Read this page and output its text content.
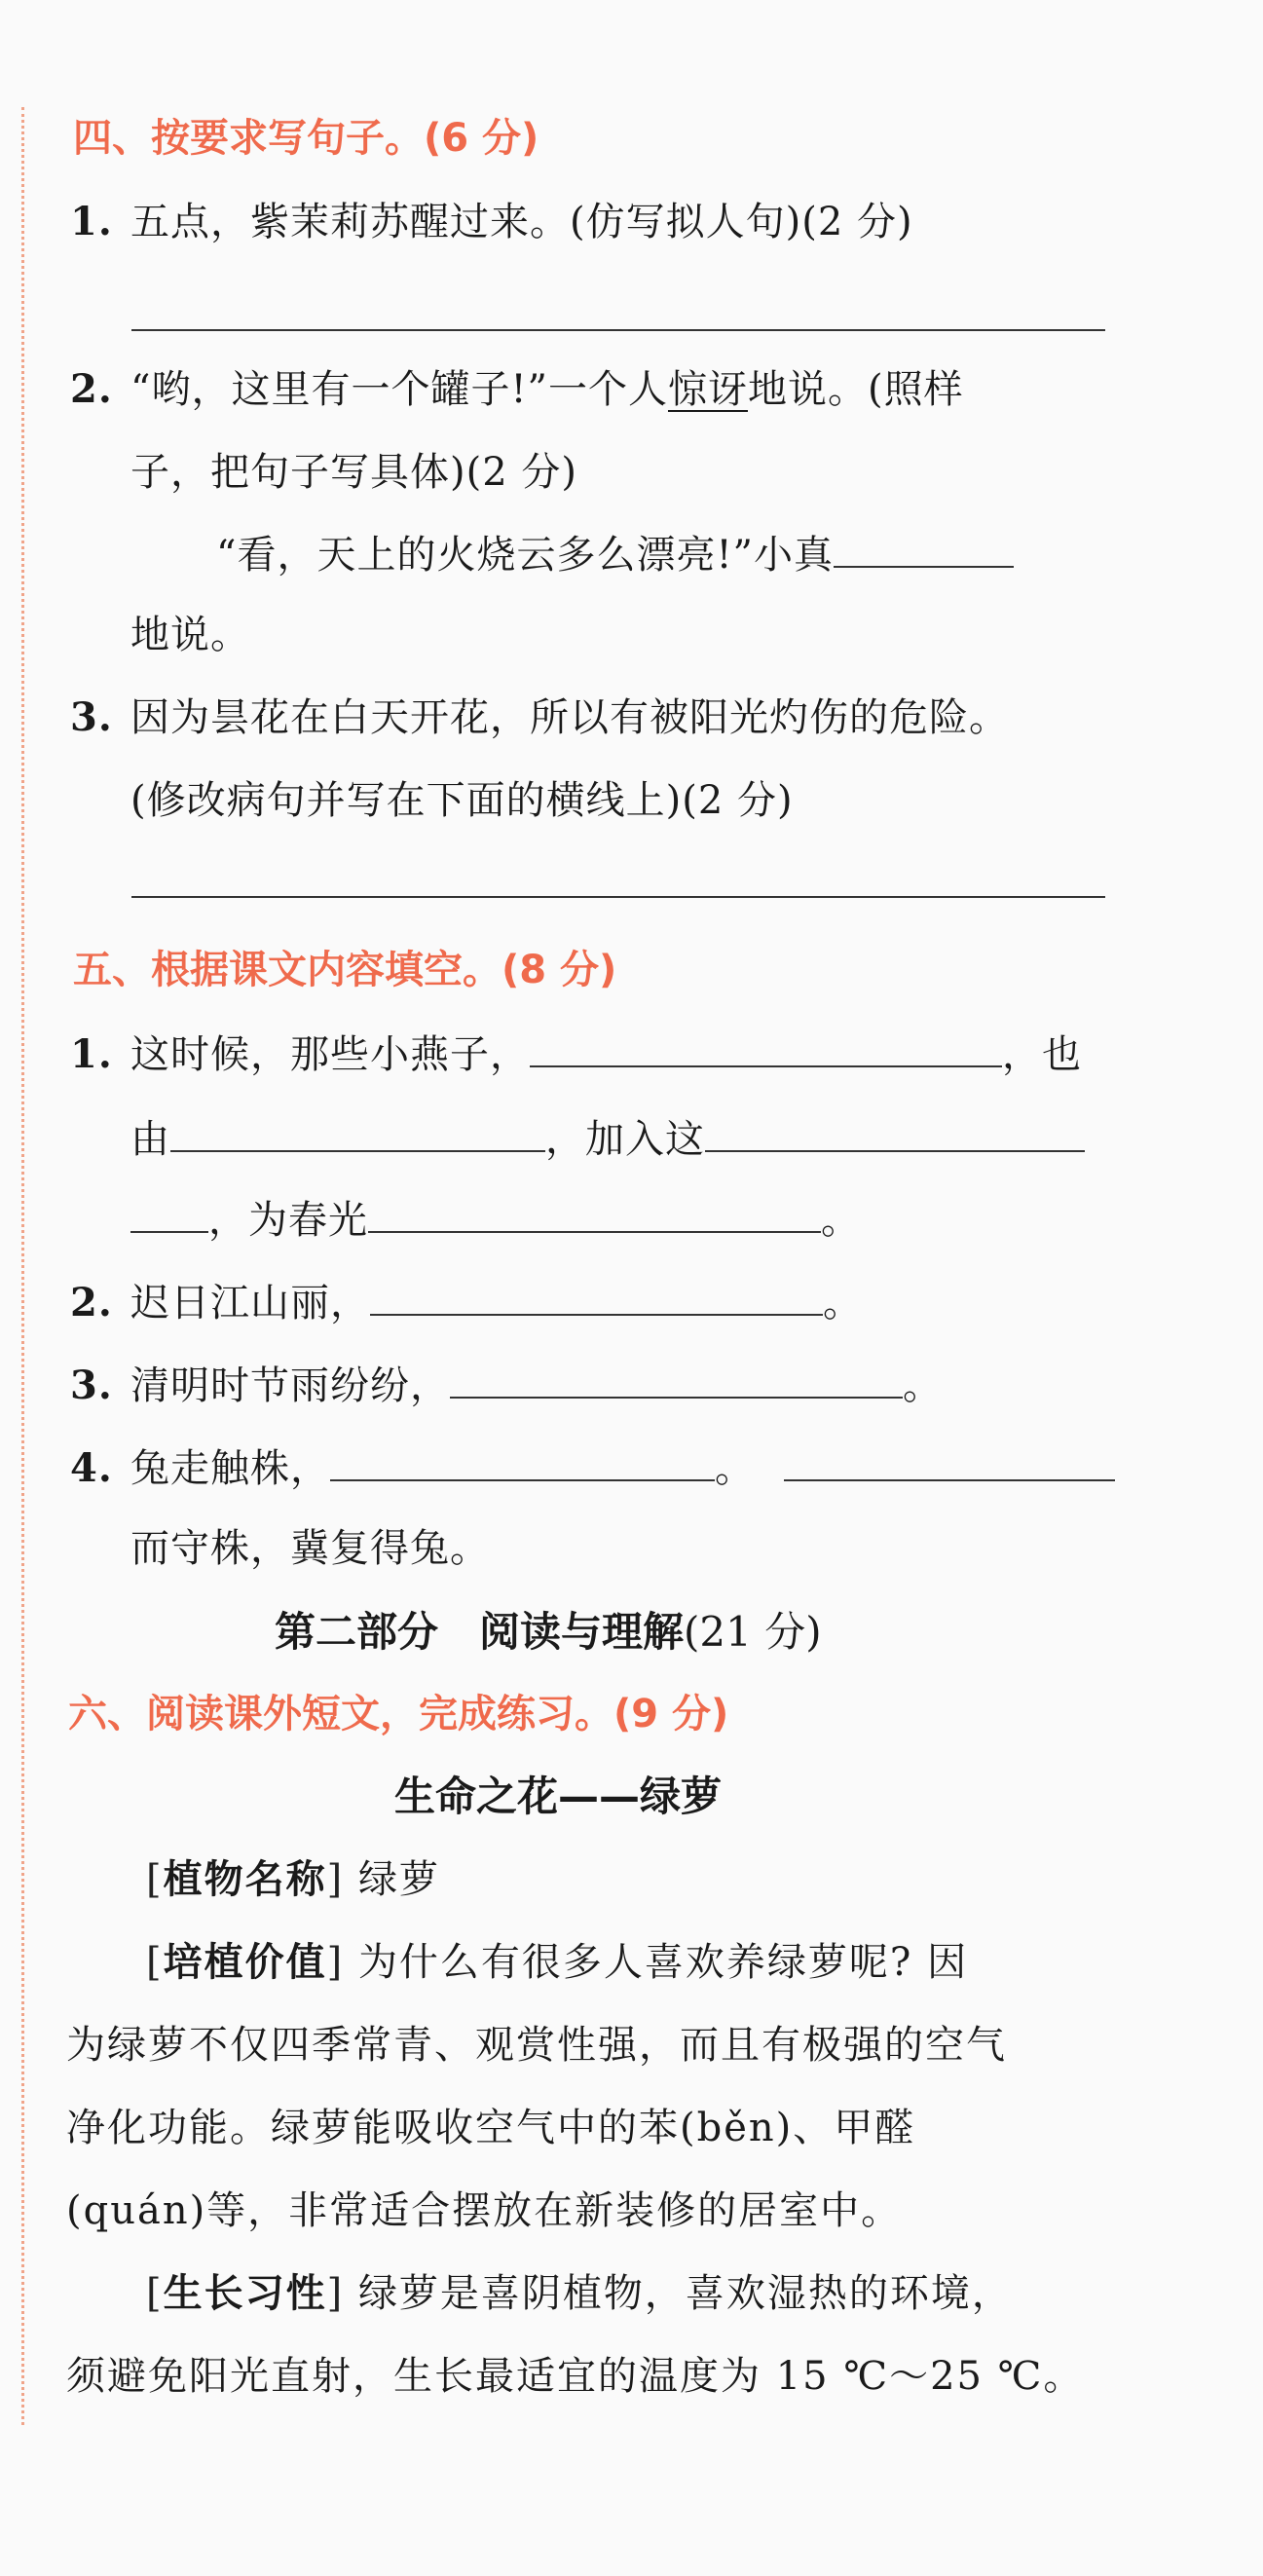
四、按要求写句子。(6 分)
1. 五点，紫茉莉苏醒过来。(仿写拟人句)(2 分)
2. “哟，这里有一个罐子!”一个人惊讶地说。(照样
子，把句子写具体)(2 分)
“看，天上的火烧云多么漂亮!”小真
地说。
3. 因为昙花在白天开花，所以有被阳光灼伤的危险。
(修改病句并写在下面的横线上)(2 分)
五、根据课文内容填空。(8 分)
1. 这时候，那些小燕子，	，也
由	，加入这
，为春光	。
2. 迟日江山丽，	。
3. 清明时节雨纷纷，	。
4. 兔走触株，	。
而守株，冀复得兔。
第二部分　阅读与理解(21 分)
六、阅读课外短文，完成练习。(9 分)
生命之花——绿萝
[植物名称] 绿萝
[培植价值] 为什么有很多人喜欢养绿萝呢? 因
为绿萝不仅四季常青、观赏性强，而且有极强的空气
净化功能。绿萝能吸收空气中的苯(běn)、甲醛
(quán)等，非常适合摆放在新装修的居室中。
[生长习性] 绿萝是喜阴植物，喜欢湿热的环境，
须避免阳光直射，生长最适宜的温度为 15 ℃～25 ℃。
